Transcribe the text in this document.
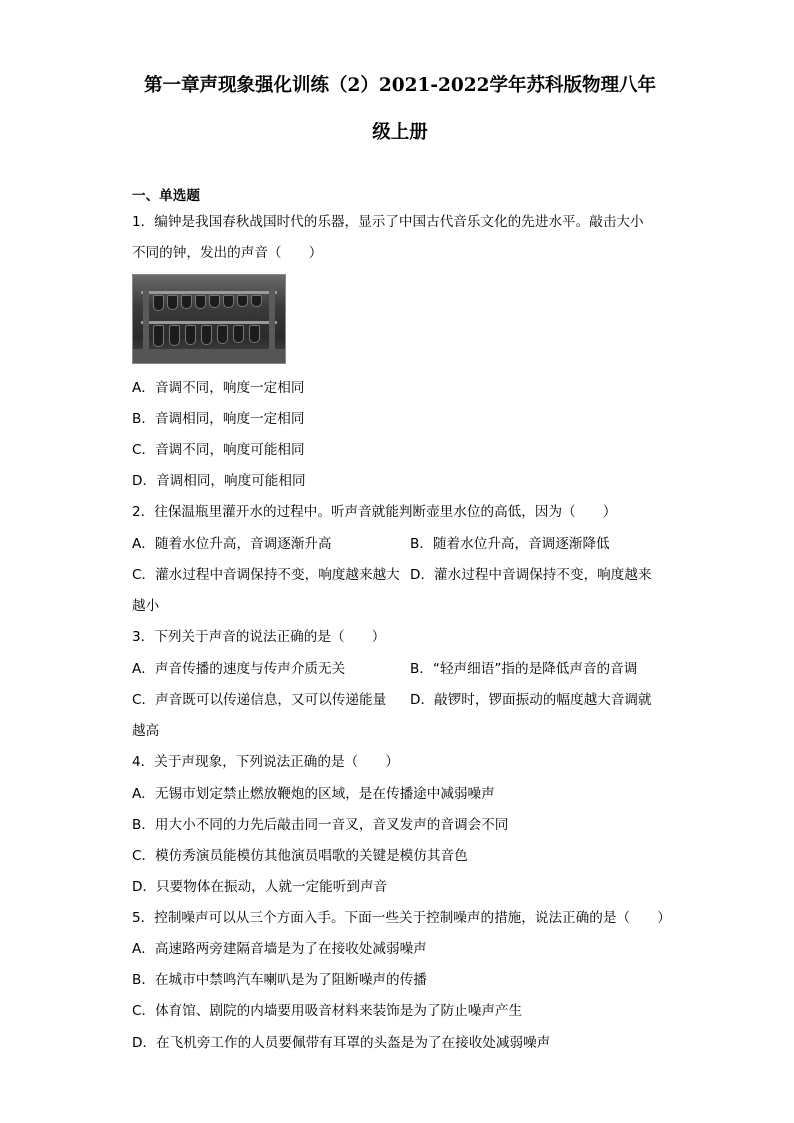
第一章声现象强化训练（2）2021-2022学年苏科版物理八年
级上册
一、单选题
1．编钟是我国春秋战国时代的乐器，显示了中国古代音乐文化的先进水平。敲击大小
不同的钟，发出的声音（　　）
A．音调不同，响度一定相同
B．音调相同，响度一定相同
C．音调不同，响度可能相同
D．音调相同，响度可能相同
2．往保温瓶里灌开水的过程中。听声音就能判断壶里水位的高低，因为（　　）
A．随着水位升高，音调逐渐升高	B．随着水位升高，音调逐渐降低
C．灌水过程中音调保持不变，响度越来越大 D．灌水过程中音调保持不变，响度越来
越小
3．下列关于声音的说法正确的是（　　）
A．声音传播的速度与传声介质无关	B．“轻声细语”指的是降低声音的音调
C．声音既可以传递信息，又可以传递能量 D．敲锣时，锣面振动的幅度越大音调就
越高
4．关于声现象，下列说法正确的是（　　）
A．无锡市划定禁止燃放鞭炮的区域，是在传播途中减弱噪声
B．用大小不同的力先后敲击同一音叉，音叉发声的音调会不同
C．模仿秀演员能模仿其他演员唱歌的关键是模仿其音色
D．只要物体在振动，人就一定能听到声音
5．控制噪声可以从三个方面入手。下面一些关于控制噪声的措施，说法正确的是（　　）
A．高速路两旁建隔音墙是为了在接收处减弱噪声
B．在城市中禁鸣汽车喇叭是为了阻断噪声的传播
C．体育馆、剧院的内墙要用吸音材料来装饰是为了防止噪声产生
D．在飞机旁工作的人员要佩带有耳罩的头盔是为了在接收处减弱噪声
